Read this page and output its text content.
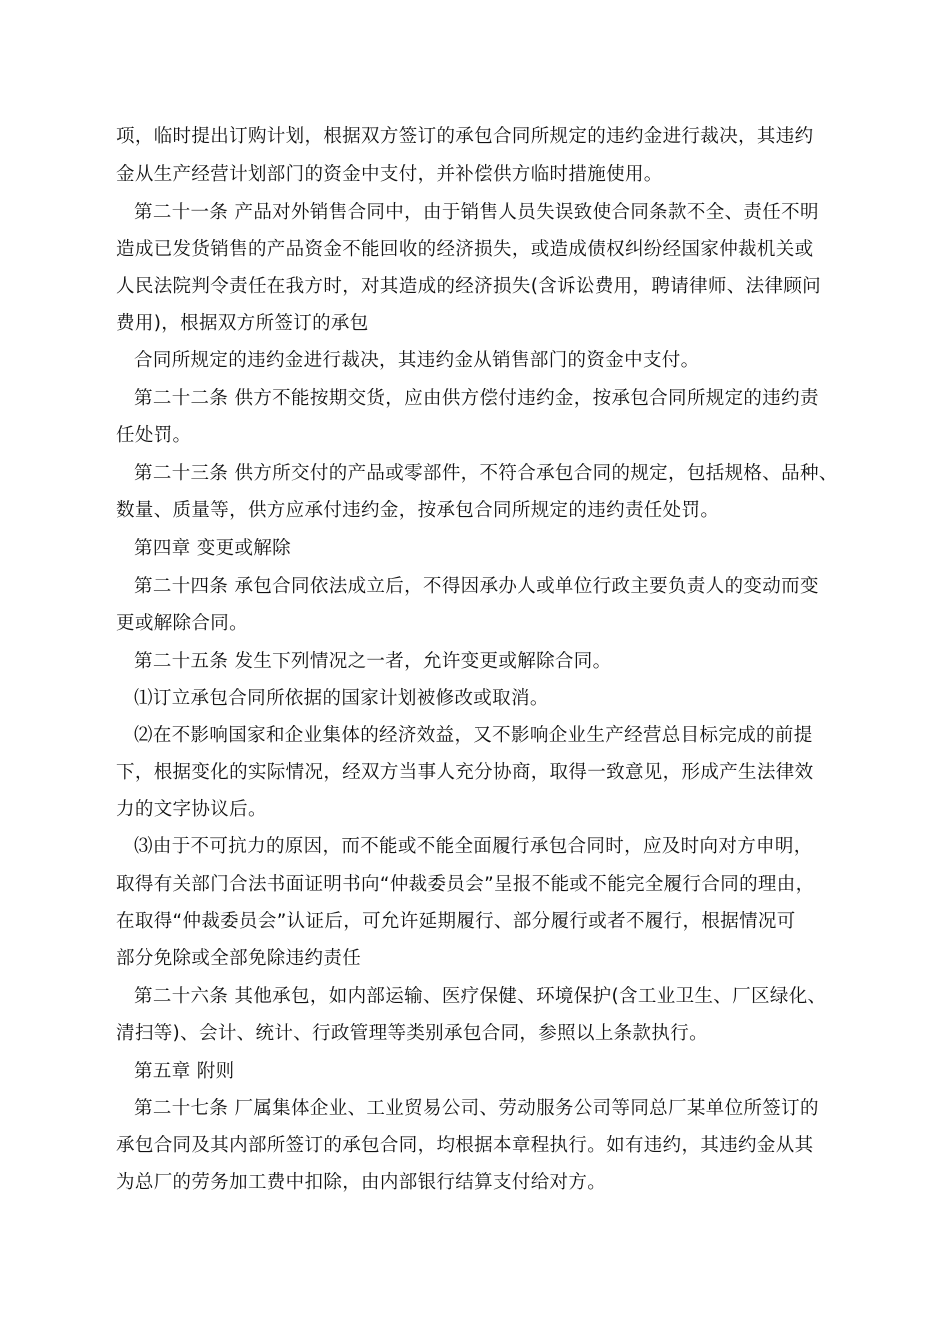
项，临时提出订购计划，根据双方签订的承包合同所规定的违约金进行裁决，其违约
金从生产经营计划部门的资金中支付，并补偿供方临时措施使用。
第二十一条 产品对外销售合同中，由于销售人员失误致使合同条款不全、责任不明
造成已发货销售的产品资金不能回收的经济损失，或造成债权纠纷经国家仲裁机关或
人民法院判令责任在我方时，对其造成的经济损失(含诉讼费用，聘请律师、法律顾问
费用)，根据双方所签订的承包
合同所规定的违约金进行裁决，其违约金从销售部门的资金中支付。
第二十二条 供方不能按期交货，应由供方偿付违约金，按承包合同所规定的违约责
任处罚。
第二十三条 供方所交付的产品或零部件，不符合承包合同的规定，包括规格、品种、
数量、质量等，供方应承付违约金，按承包合同所规定的违约责任处罚。
第四章 变更或解除
第二十四条 承包合同依法成立后，不得因承办人或单位行政主要负责人的变动而变
更或解除合同。
第二十五条 发生下列情况之一者，允许变更或解除合同。
⑴订立承包合同所依据的国家计划被修改或取消。
⑵在不影响国家和企业集体的经济效益，又不影响企业生产经营总目标完成的前提
下，根据变化的实际情况，经双方当事人充分协商，取得一致意见，形成产生法律效
力的文字协议后。
⑶由于不可抗力的原因，而不能或不能全面履行承包合同时，应及时向对方申明，
取得有关部门合法书面证明书向“仲裁委员会”呈报不能或不能完全履行合同的理由，
在取得“仲裁委员会”认证后，可允许延期履行、部分履行或者不履行，根据情况可
部分免除或全部免除违约责任
第二十六条 其他承包，如内部运输、医疗保健、环境保护(含工业卫生、厂区绿化、
清扫等)、会计、统计、行政管理等类别承包合同，参照以上条款执行。
第五章 附则
第二十七条 厂属集体企业、工业贸易公司、劳动服务公司等同总厂某单位所签订的
承包合同及其内部所签订的承包合同，均根据本章程执行。如有违约，其违约金从其
为总厂的劳务加工费中扣除，由内部银行结算支付给对方。
